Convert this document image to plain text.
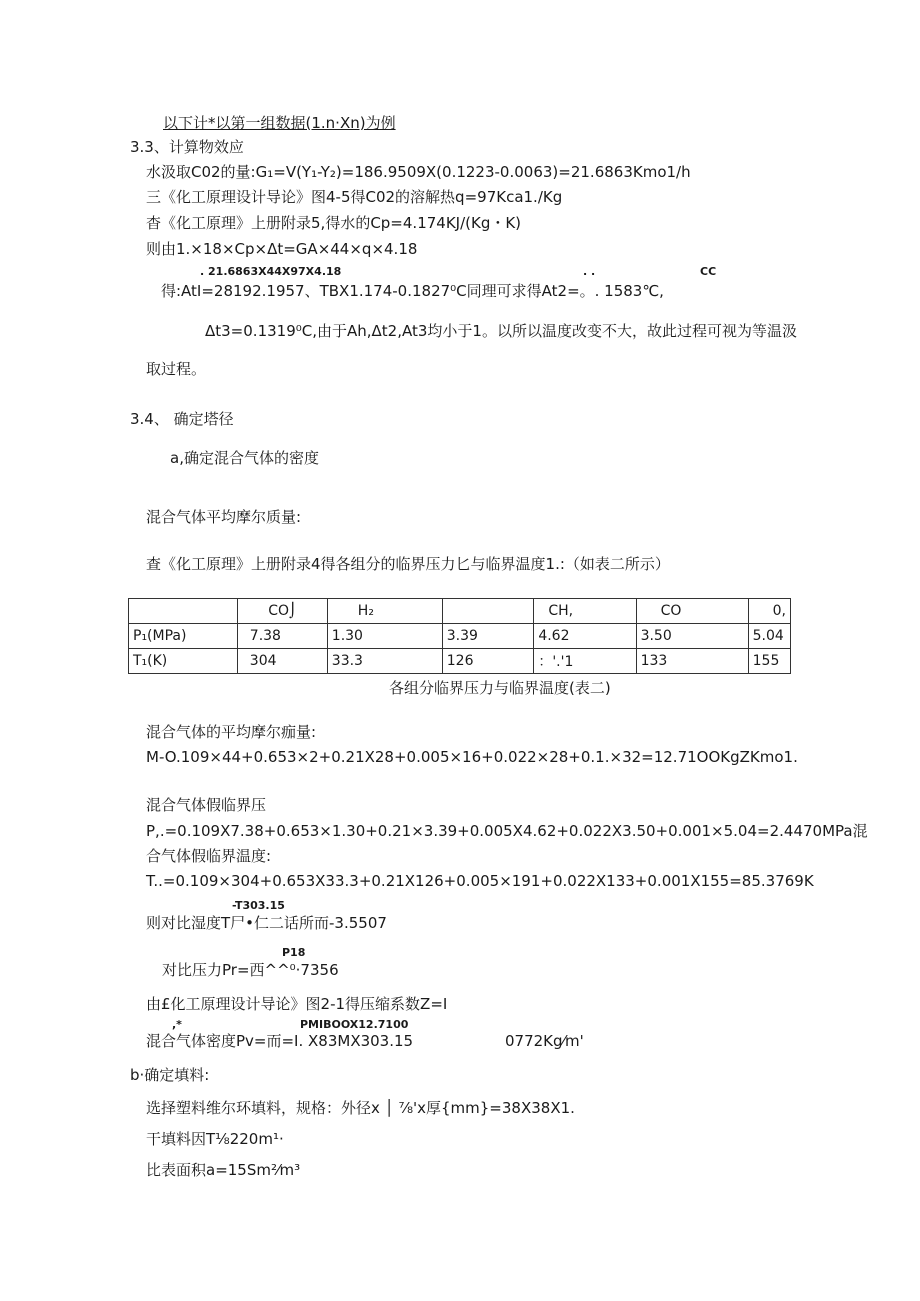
以下计*以第一组数据(1.n·Xn)为例
3.3、计算物效应
水汲取C02的量:G₁=V(Y₁-Y₂)=186.9509X(0.1223-0.0063)=21.6863Kmo1/h
三《化工原理设计导论》图4-5得C02的溶解热q=97Kca1./Kg
杳《化工原理》上册附录5,得水的Cp=4.174KJ/(Kg・K)
则由1.×18×Cp×Δt=GA×44×q×4.18
. 21.6863X44X97X4.18	. .	CC
得:AtI=28192.1957、TBX1.174-0.1827⁰C同理可求得At2=。. 1583℃,
Δt3=0.1319⁰C,由于Ah,Δt2,At3均小于1。以所以温度改变不大，故此过程可视为等温汲
取过程。
3.4、 确定塔径
a,确定混合气体的密度
混合气体平均摩尔质量:
查《化工原理》上册附录4得各组分的临界压力匕与临界温度1.:（如表二所示）
	CO⌡	H₂		CH,	CO	0,
P₁(MPa)	7.38	1.30	3.39	4.62	3.50	5.04
T₁(K)	304	33.3	126	：'.'1	133	155
各组分临界压力与临界温度(表二)
混合气体的平均摩尔痂量:
M-O.109×44+0.653×2+0.21X28+0.005×16+0.022×28+0.1.×32=12.71OOKgZKmo1.
混合气体假临界压
P,.=0.109X7.38+0.653×1.30+0.21×3.39+0.005X4.62+0.022X3.50+0.001×5.04=2.4470MPa混
合气体假临界温度:
T..=0.109×304+0.653X33.3+0.21X126+0.005×191+0.022X133+0.001X155=85.3769K
-T303.15
则对比湿度T尸•仁二话所而-3.5507
P18
对比压力Pr=西^^⁰·7356
由£化工原理设计导论》图2-1得压缩系数Z=I
,*	PMIBOOX12.7100
混合气体密度Pv=而=I. X83MX303.15	0772Kg⁄m'
b·确定填料:
选择塑料维尔环填料，规格：外径x │ ⅞'x厚{mm}=38X38X1.
干填料因T⅛220m¹·
比表面积a=15Sm²⁄m³
